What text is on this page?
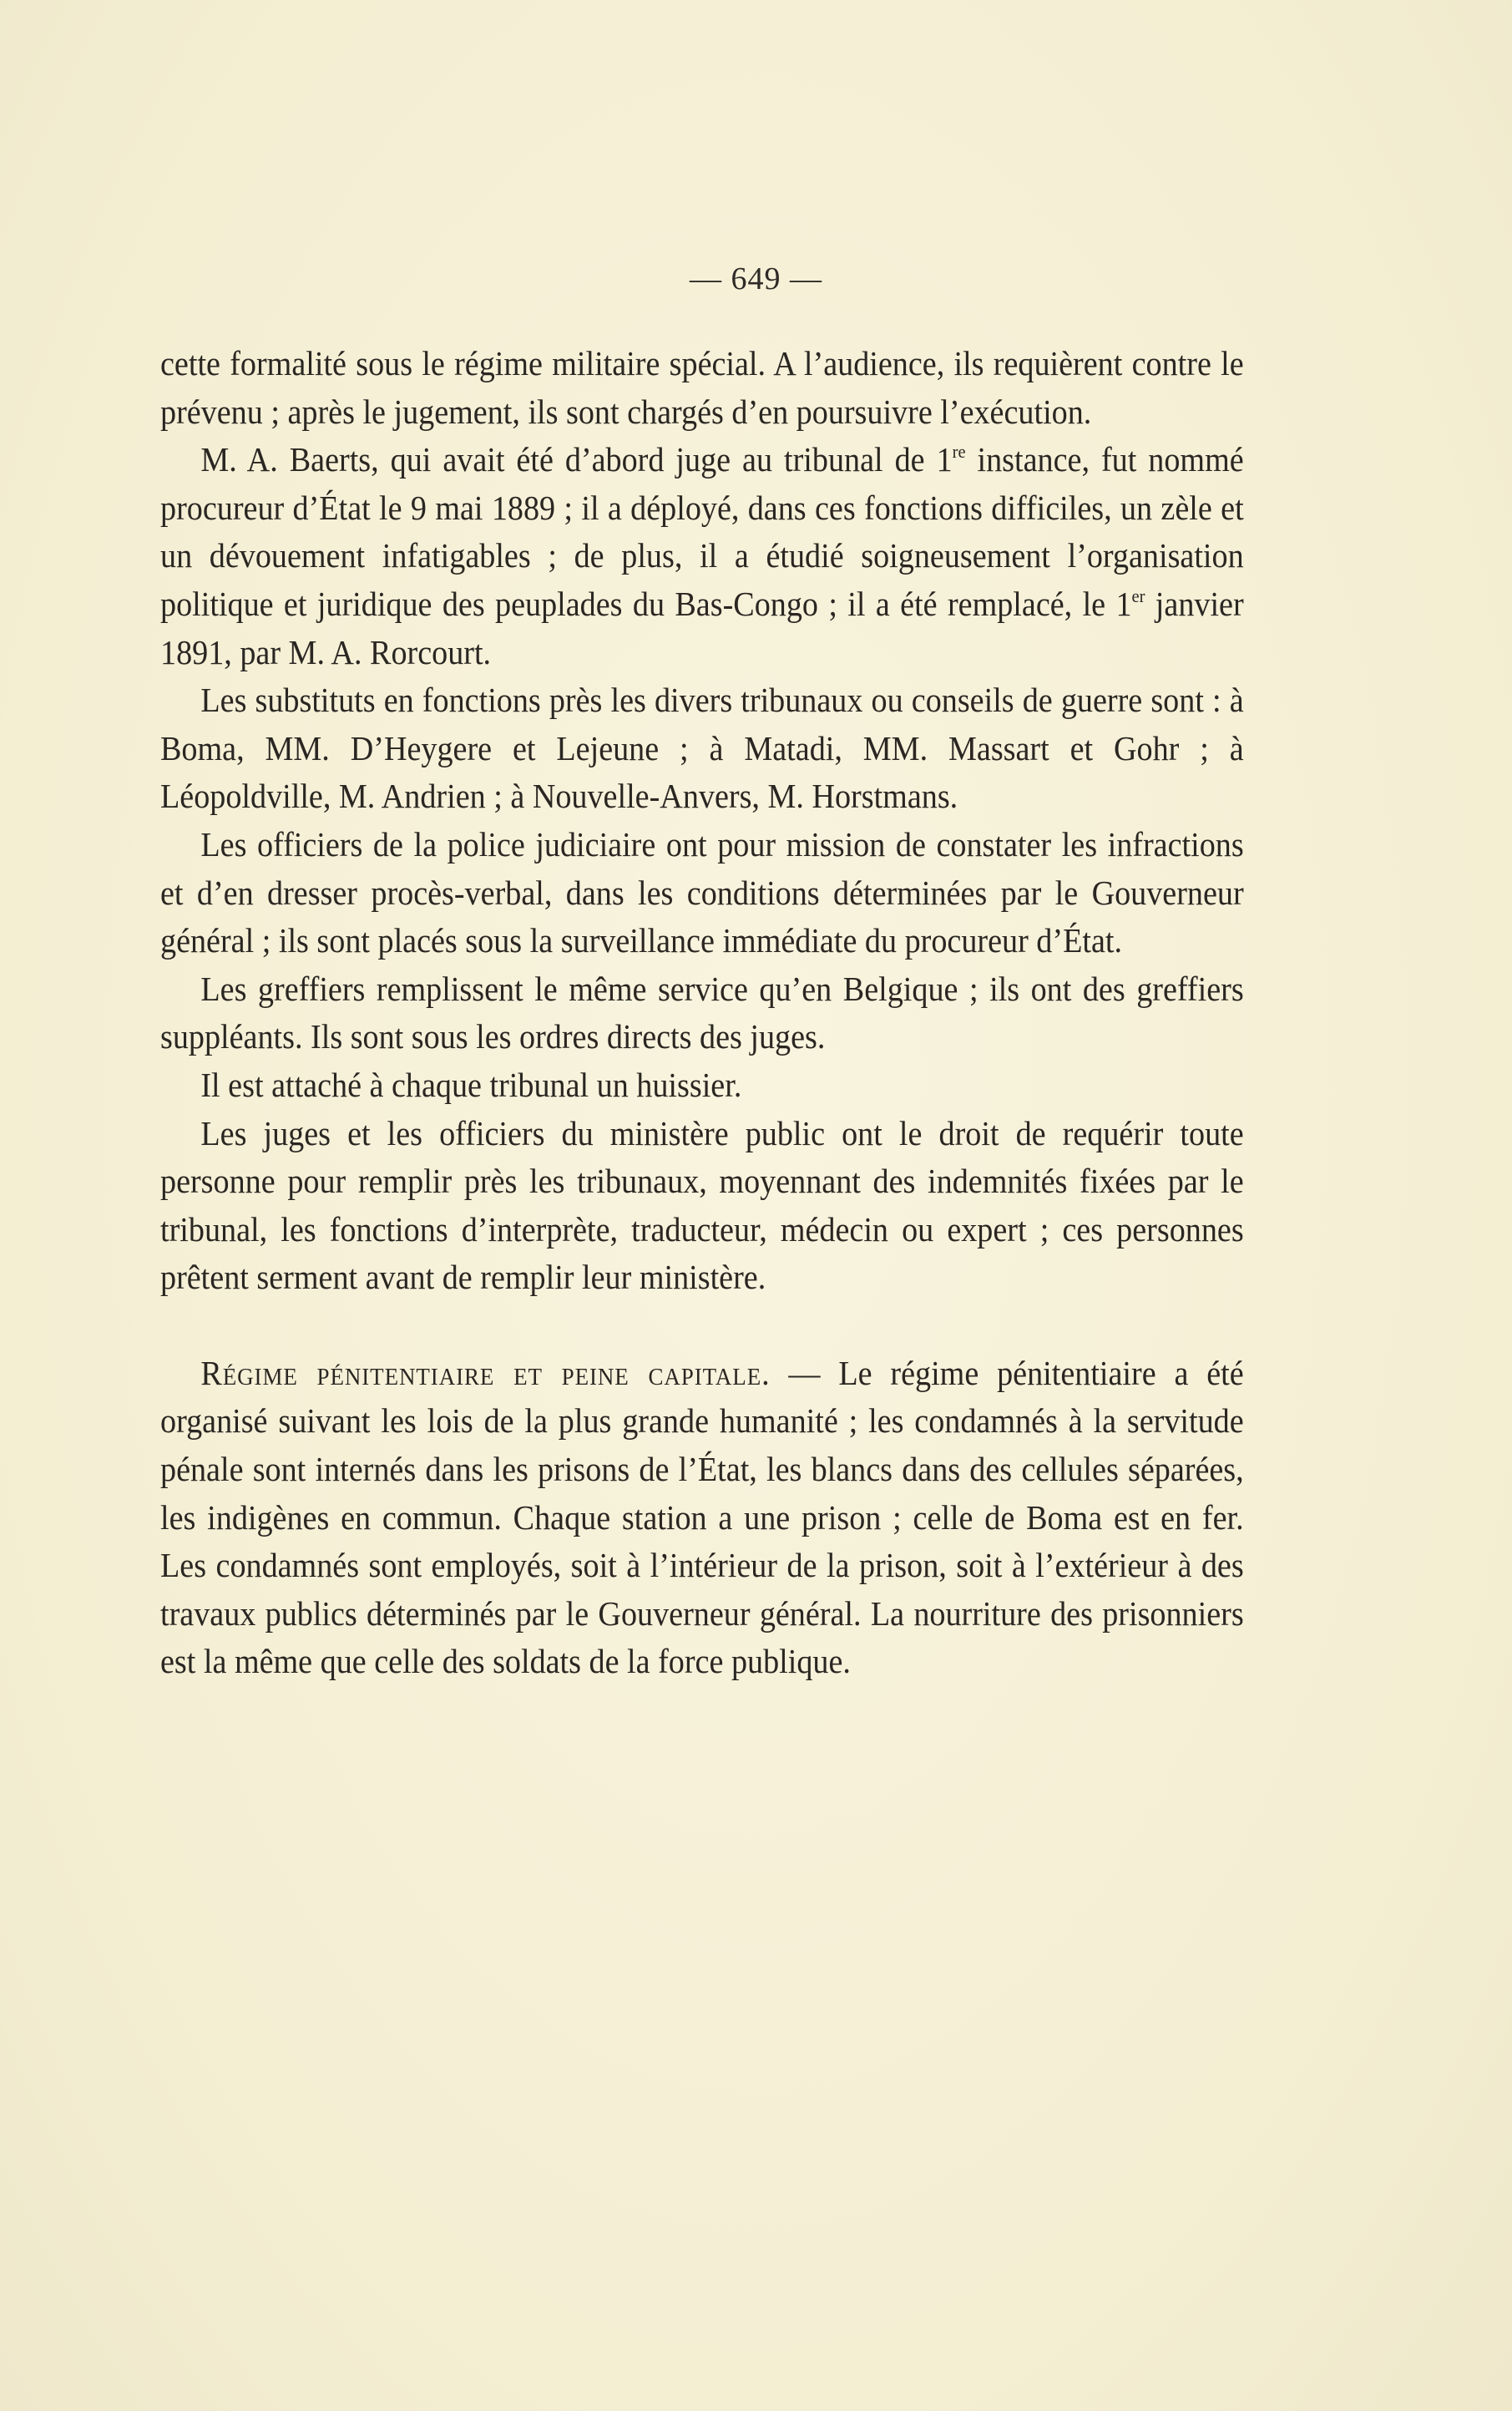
— 649 —

cette formalité sous le régime militaire spécial. A l’audience, ils requièrent contre le prévenu ; après le jugement, ils sont chargés d’en poursuivre l’exécution.

M. A. Baerts, qui avait été d’abord juge au tribunal de 1re instance, fut nommé procureur d’État le 9 mai 1889 ; il a déployé, dans ces fonctions difficiles, un zèle et un dévouement infatigables ; de plus, il a étudié soigneusement l’organisation politique et juridique des peuplades du Bas-Congo ; il a été remplacé, le 1er janvier 1891, par M. A. Rorcourt.

Les substituts en fonctions près les divers tribunaux ou conseils de guerre sont : à Boma, MM. D’Heygere et Lejeune ; à Matadi, MM. Massart et Gohr ; à Léopoldville, M. Andrien ; à Nouvelle-Anvers, M. Horstmans.

Les officiers de la police judiciaire ont pour mission de constater les infractions et d’en dresser procès-verbal, dans les conditions déterminées par le Gouverneur général ; ils sont placés sous la surveillance immédiate du procureur d’État.

Les greffiers remplissent le même service qu’en Belgique ; ils ont des greffiers suppléants. Ils sont sous les ordres directs des juges.

Il est attaché à chaque tribunal un huissier.

Les juges et les officiers du ministère public ont le droit de requérir toute personne pour remplir près les tribunaux, moyennant des indemnités fixées par le tribunal, les fonctions d’interprète, traducteur, médecin ou expert ; ces personnes prêtent serment avant de remplir leur ministère.

Régime pénitentiaire et peine capitale. — Le régime pénitentiaire a été organisé suivant les lois de la plus grande humanité ; les condamnés à la servitude pénale sont internés dans les prisons de l’État, les blancs dans des cellules séparées, les indigènes en commun. Chaque station a une prison ; celle de Boma est en fer. Les condamnés sont employés, soit à l’intérieur de la prison, soit à l’extérieur à des travaux publics déterminés par le Gouverneur général. La nourriture des prisonniers est la même que celle des soldats de la force publique.
